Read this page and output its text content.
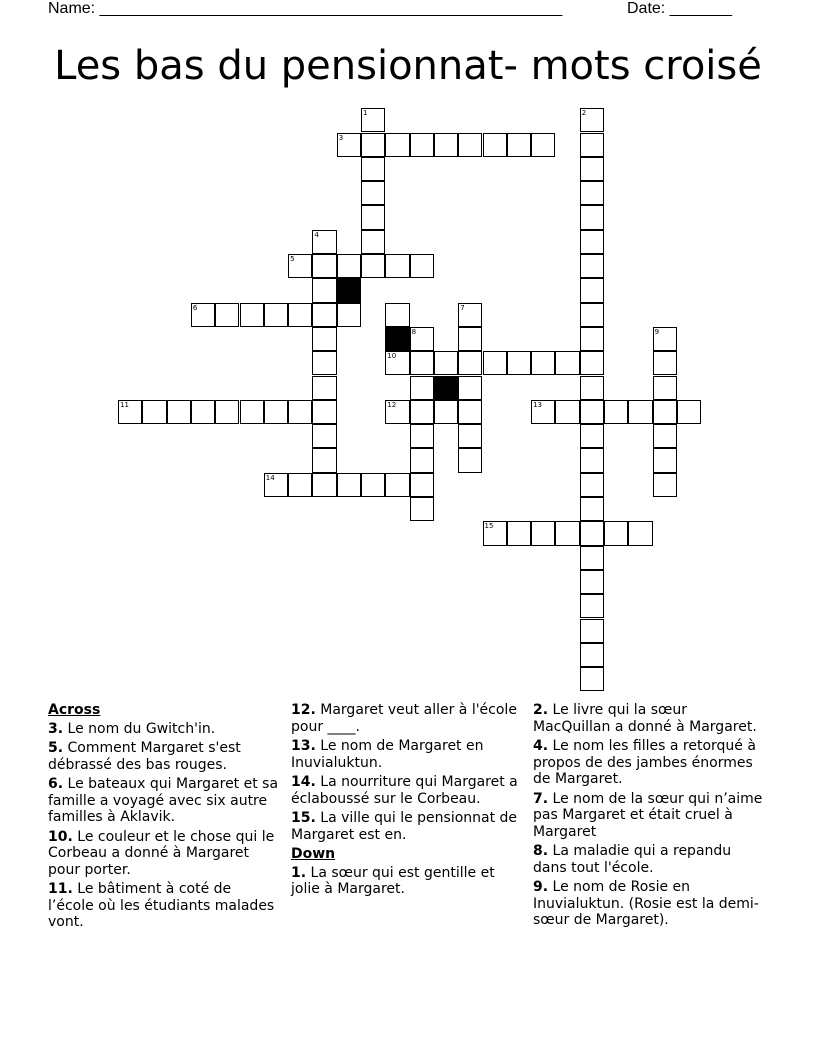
Name: ____________________________________________________	Date: _______
Les bas du pensionnat- mots croisé
1	2
3
4
5
6	7
8	9
10
11	12	13
14
15
Across
3. Le nom du Gwitch'in.
5. Comment Margaret s'est débrassé des bas rouges.
6. Le bateaux qui Margaret et sa famille a voyagé avec six autre familles à Aklavik.
10. Le couleur et le chose qui le Corbeau a donné à Margaret pour porter.
11. Le bâtiment à coté de l’école où les étudiants malades vont.
12. Margaret veut aller à l'école pour ____.
13. Le nom de Margaret en Inuvialuktun.
14. La nourriture qui Margaret a éclaboussé sur le Corbeau.
15. La ville qui le pensionnat de Margaret est en.
Down
1. La sœur qui est gentille et jolie à Margaret.
2. Le livre qui la sœur MacQuillan a donné à Margaret.
4. Le nom les filles a retorqué à propos de des jambes énormes de Margaret.
7. Le nom de la sœur qui n’aime pas Margaret et était cruel à Margaret
8. La maladie qui a repandu dans tout l'école.
9. Le nom de Rosie en Inuvialuktun. (Rosie est la demi-sœur de Margaret).
